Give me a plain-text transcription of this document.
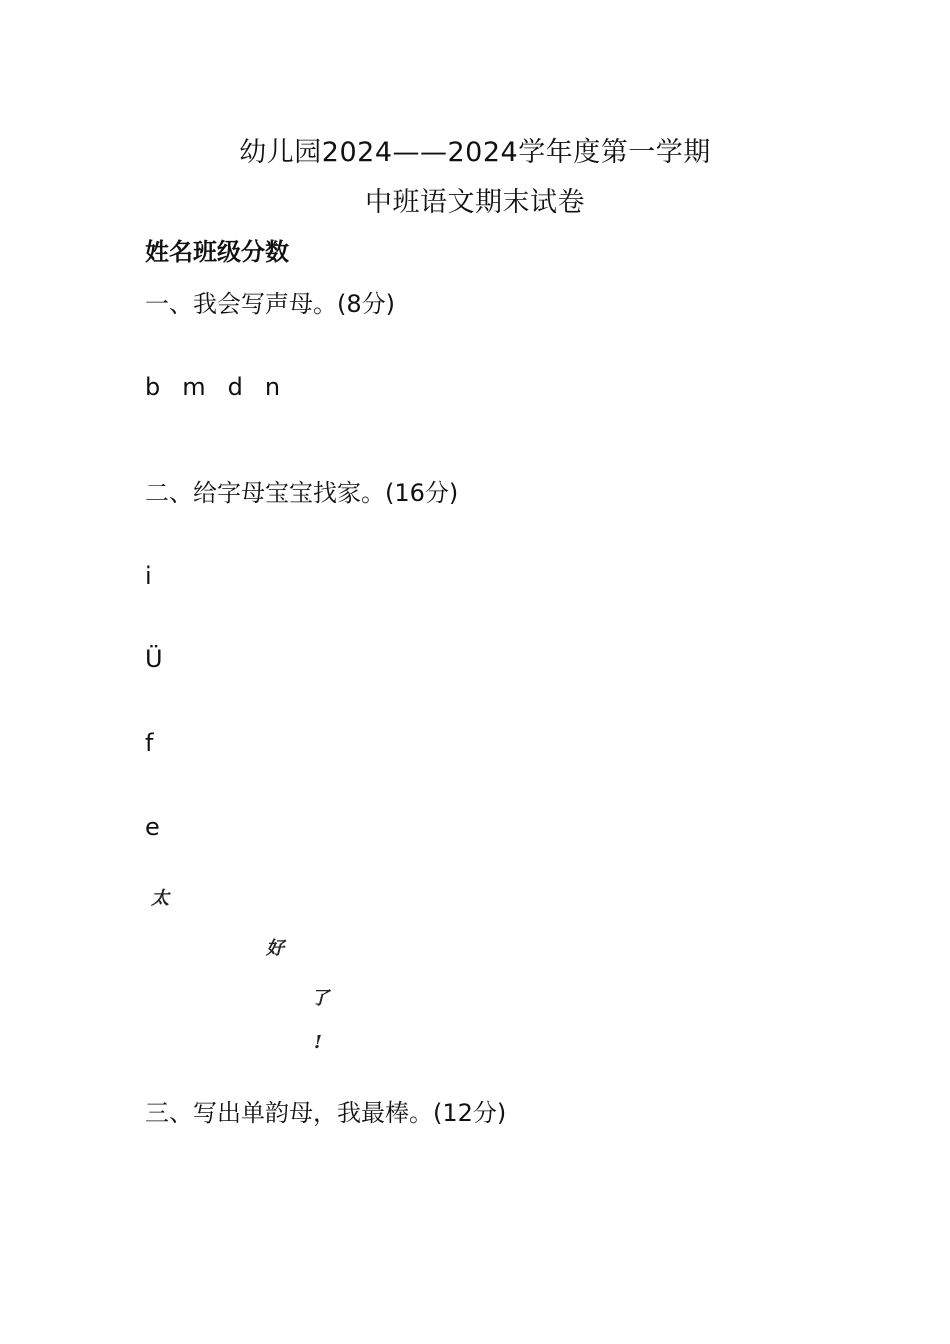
幼儿园2024——2024学年度第一学期
中班语文期末试卷
姓名班级分数
一、我会写声母。(8分)
b m d n
二、给字母宝宝找家。(16分)
i
Ü
f
e
太
好
了
!
三、写出单韵母，我最棒。(12分)
